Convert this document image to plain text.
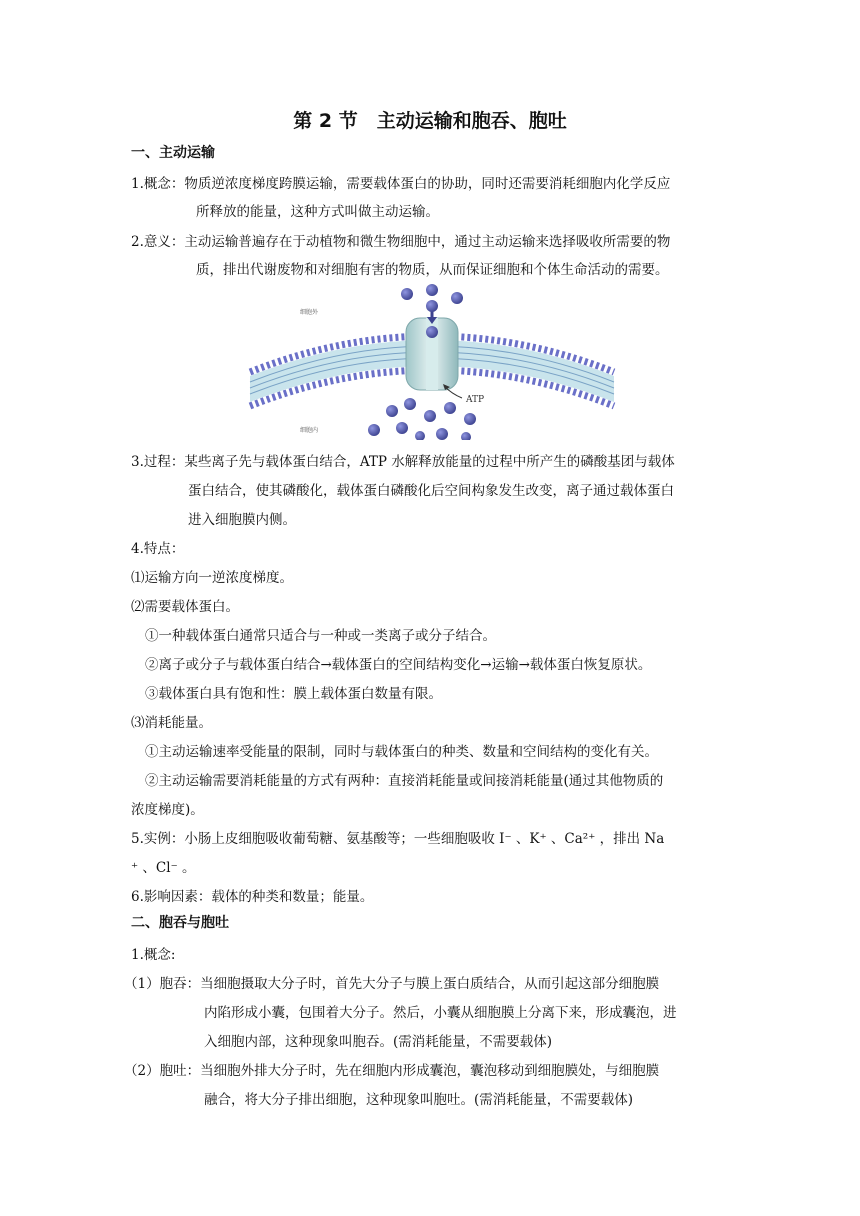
第 2 节　主动运输和胞吞、胞吐
一、主动运输
1.概念：物质逆浓度梯度跨膜运输，需要载体蛋白的协助，同时还需要消耗细胞内化学反应
所释放的能量，这种方式叫做主动运输。
2.意义：主动运输普遍存在于动植物和微生物细胞中，通过主动运输来选择吸收所需要的物
质，排出代谢废物和对细胞有害的物质，从而保证细胞和个体生命活动的需要。
ATP
细胞外
细胞内
3.过程：某些离子先与载体蛋白结合，ATP 水解释放能量的过程中所产生的磷酸基团与载体
蛋白结合，使其磷酸化，载体蛋白磷酸化后空间构象发生改变，离子通过载体蛋白
进入细胞膜内侧。
4.特点：
⑴运输方向一逆浓度梯度。
⑵需要载体蛋白。
①一种载体蛋白通常只适合与一种或一类离子或分子结合。
②离子或分子与载体蛋白结合→载体蛋白的空间结构变化→运输→载体蛋白恢复原状。
③载体蛋白具有饱和性：膜上载体蛋白数量有限。
⑶消耗能量。
①主动运输速率受能量的限制，同时与载体蛋白的种类、数量和空间结构的变化有关。
②主动运输需要消耗能量的方式有两种：直接消耗能量或间接消耗能量(通过其他物质的
浓度梯度)。
5.实例：小肠上皮细胞吸收葡萄糖、氨基酸等；一些细胞吸收 I⁻ 、K⁺ 、Ca²⁺ ，排出 Na
⁺ 、Cl⁻ 。
6.影响因素：载体的种类和数量；能量。
二、胞吞与胞吐
1.概念:
（1）胞吞：当细胞摄取大分子时，首先大分子与膜上蛋白质结合，从而引起这部分细胞膜
内陷形成小囊，包围着大分子。然后，小囊从细胞膜上分离下来，形成囊泡，进
入细胞内部，这种现象叫胞吞。(需消耗能量，不需要载体)
（2）胞吐：当细胞外排大分子时，先在细胞内形成囊泡，囊泡移动到细胞膜处，与细胞膜
融合，将大分子排出细胞，这种现象叫胞吐。(需消耗能量，不需要载体)
